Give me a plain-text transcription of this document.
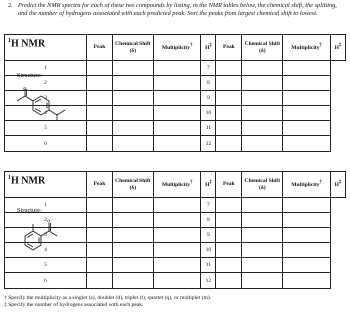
2. Predict the NMR spectra for each of these two compounds by listing, in the NMR tables below, the chemical shift, the splitting, and the number of hydrogens associated with each predicted peak. Sort the peaks from largest chemical shift to lowest.
$^1$H NMR
Structure:
O	Peak	Chemical Shift (δ)	Multiplicity†	H‡	Peak	Chemical Shift (δ)	Multiplicity†	H‡
1				7				
2				8				
3				9				
4				10				
5				11				
6				12				
$^1$H NMR
Structure:
O	Peak	Chemical Shift (δ)	Multiplicity†	H‡	Peak	Chemical Shift (δ)	Multiplicity†	H‡
1				7				
2				8				
3				9				
4				10				
5				11				
6				12				
† Specify the multiplicity as a singlet (s), doublet (d), triplet (t), quartet (q), or multiplet (m).
‡ Specify the number of hydrogens associated with each peak.
